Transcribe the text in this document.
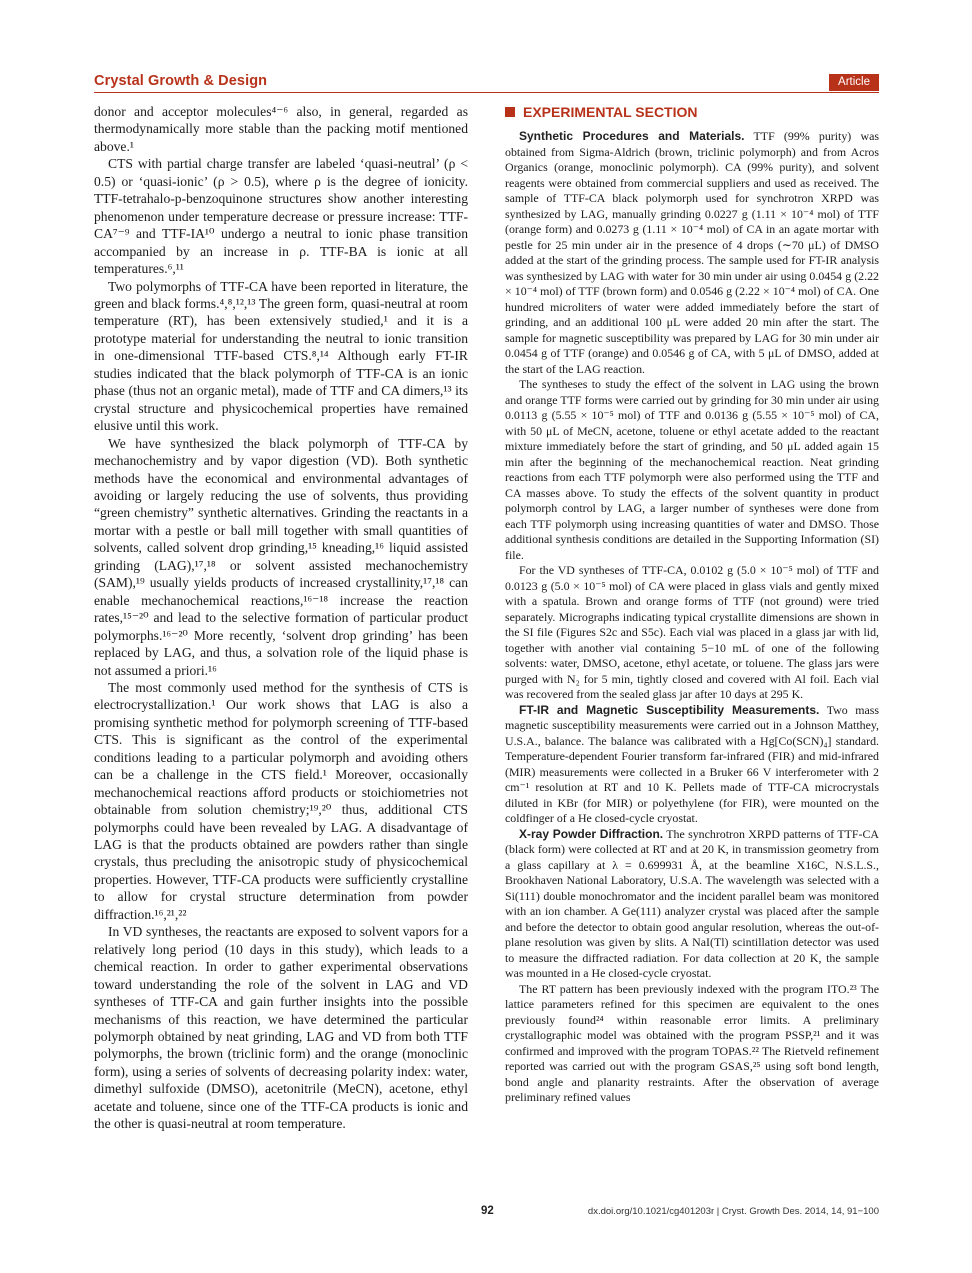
Crystal Growth & Design	Article

donor and acceptor molecules⁴⁻⁶ also, in general, regarded as thermodynamically more stable than the packing motif mentioned above.¹

CTS with partial charge transfer are labeled ‘quasi-neutral’ (ρ < 0.5) or ‘quasi-ionic’ (ρ > 0.5), where ρ is the degree of ionicity. TTF-tetrahalo-p-benzoquinone structures show another interesting phenomenon under temperature decrease or pressure increase: TTF-CA⁷⁻⁹ and TTF-IA¹⁰ undergo a neutral to ionic phase transition accompanied by an increase in ρ. TTF-BA is ionic at all temperatures.⁶,¹¹

Two polymorphs of TTF-CA have been reported in literature, the green and black forms.⁴,⁸,¹²,¹³ The green form, quasi-neutral at room temperature (RT), has been extensively studied,¹ and it is a prototype material for understanding the neutral to ionic transition in one-dimensional TTF-based CTS.⁸,¹⁴ Although early FT-IR studies indicated that the black polymorph of TTF-CA is an ionic phase (thus not an organic metal), made of TTF and CA dimers,¹³ its crystal structure and physicochemical properties have remained elusive until this work.

We have synthesized the black polymorph of TTF-CA by mechanochemistry and by vapor digestion (VD). Both synthetic methods have the economical and environmental advantages of avoiding or largely reducing the use of solvents, thus providing “green chemistry” synthetic alternatives. Grinding the reactants in a mortar with a pestle or ball mill together with small quantities of solvents, called solvent drop grinding,¹⁵ kneading,¹⁶ liquid assisted grinding (LAG),¹⁷,¹⁸ or solvent assisted mechanochemistry (SAM),¹⁹ usually yields products of increased crystallinity,¹⁷,¹⁸ can enable mechanochemical reactions,¹⁶⁻¹⁸ increase the reaction rates,¹⁵⁻²⁰ and lead to the selective formation of particular product polymorphs.¹⁶⁻²⁰ More recently, ‘solvent drop grinding’ has been replaced by LAG, and thus, a solvation role of the liquid phase is not assumed a priori.¹⁶

The most commonly used method for the synthesis of CTS is electrocrystallization.¹ Our work shows that LAG is also a promising synthetic method for polymorph screening of TTF-based CTS. This is significant as the control of the experimental conditions leading to a particular polymorph and avoiding others can be a challenge in the CTS field.¹ Moreover, occasionally mechanochemical reactions afford products or stoichiometries not obtainable from solution chemistry;¹⁹,²⁰ thus, additional CTS polymorphs could have been revealed by LAG. A disadvantage of LAG is that the products obtained are powders rather than single crystals, thus precluding the anisotropic study of physicochemical properties. However, TTF-CA products were sufficiently crystalline to allow for crystal structure determination from powder diffraction.¹⁶,²¹,²²

In VD syntheses, the reactants are exposed to solvent vapors for a relatively long period (10 days in this study), which leads to a chemical reaction. In order to gather experimental observations toward understanding the role of the solvent in LAG and VD syntheses of TTF-CA and gain further insights into the possible mechanisms of this reaction, we have determined the particular polymorph obtained by neat grinding, LAG and VD from both TTF polymorphs, the brown (triclinic form) and the orange (monoclinic form), using a series of solvents of decreasing polarity index: water, dimethyl sulfoxide (DMSO), acetonitrile (MeCN), acetone, ethyl acetate and toluene, since one of the TTF-CA products is ionic and the other is quasi-neutral at room temperature.

EXPERIMENTAL SECTION

Synthetic Procedures and Materials. TTF (99% purity) was obtained from Sigma-Aldrich (brown, triclinic polymorph) and from Acros Organics (orange, monoclinic polymorph). CA (99% purity), and solvent reagents were obtained from commercial suppliers and used as received. The sample of TTF-CA black polymorph used for synchrotron XRPD was synthesized by LAG, manually grinding 0.0227 g (1.11 × 10⁻⁴ mol) of TTF (orange form) and 0.0273 g (1.11 × 10⁻⁴ mol) of CA in an agate mortar with pestle for 25 min under air in the presence of 4 drops (∼70 μL) of DMSO added at the start of the grinding process. The sample used for FT-IR analysis was synthesized by LAG with water for 30 min under air using 0.0454 g (2.22 × 10⁻⁴ mol) of TTF (brown form) and 0.0546 g (2.22 × 10⁻⁴ mol) of CA. One hundred microliters of water were added immediately before the start of grinding, and an additional 100 μL were added 20 min after the start. The sample for magnetic susceptibility was prepared by LAG for 30 min under air 0.0454 g of TTF (orange) and 0.0546 g of CA, with 5 μL of DMSO, added at the start of the LAG reaction.

The syntheses to study the effect of the solvent in LAG using the brown and orange TTF forms were carried out by grinding for 30 min under air using 0.0113 g (5.55 × 10⁻⁵ mol) of TTF and 0.0136 g (5.55 × 10⁻⁵ mol) of CA, with 50 μL of MeCN, acetone, toluene or ethyl acetate added to the reactant mixture immediately before the start of grinding, and 50 μL added again 15 min after the beginning of the mechanochemical reaction. Neat grinding reactions from each TTF polymorph were also performed using the TTF and CA masses above. To study the effects of the solvent quantity in product polymorph control by LAG, a larger number of syntheses were done from each TTF polymorph using increasing quantities of water and DMSO. Those additional synthesis conditions are detailed in the Supporting Information (SI) file.

For the VD syntheses of TTF-CA, 0.0102 g (5.0 × 10⁻⁵ mol) of TTF and 0.0123 g (5.0 × 10⁻⁵ mol) of CA were placed in glass vials and gently mixed with a spatula. Brown and orange forms of TTF (not ground) were tried separately. Micrographs indicating typical crystallite dimensions are shown in the SI file (Figures S2c and S5c). Each vial was placed in a glass jar with lid, together with another vial containing 5−10 mL of one of the following solvents: water, DMSO, acetone, ethyl acetate, or toluene. The glass jars were purged with N₂ for 5 min, tightly closed and covered with Al foil. Each vial was recovered from the sealed glass jar after 10 days at 295 K.

FT-IR and Magnetic Susceptibility Measurements. Two mass magnetic susceptibility measurements were carried out in a Johnson Matthey, U.S.A., balance. The balance was calibrated with a Hg[Co(SCN)₄] standard. Temperature-dependent Fourier transform far-infrared (FIR) and mid-infrared (MIR) measurements were collected in a Bruker 66 V interferometer with 2 cm⁻¹ resolution at RT and 10 K. Pellets made of TTF-CA microcrystals diluted in KBr (for MIR) or polyethylene (for FIR), were mounted on the coldfinger of a He closed-cycle cryostat.

X-ray Powder Diffraction. The synchrotron XRPD patterns of TTF-CA (black form) were collected at RT and at 20 K, in transmission geometry from a glass capillary at λ = 0.699931 Å, at the beamline X16C, N.S.L.S., Brookhaven National Laboratory, U.S.A. The wavelength was selected with a Si(111) double monochromator and the incident parallel beam was monitored with an ion chamber. A Ge(111) analyzer crystal was placed after the sample and before the detector to obtain good angular resolution, whereas the out-of-plane resolution was given by slits. A NaI(Tl) scintillation detector was used to measure the diffracted radiation. For data collection at 20 K, the sample was mounted in a He closed-cycle cryostat.

The RT pattern has been previously indexed with the program ITO.²³ The lattice parameters refined for this specimen are equivalent to the ones previously found²⁴ within reasonable error limits. A preliminary crystallographic model was obtained with the program PSSP,²¹ and it was confirmed and improved with the program TOPAS.²² The Rietveld refinement reported was carried out with the program GSAS,²⁵ using soft bond length, bond angle and planarity restraints. After the observation of average preliminary refined values

92	dx.doi.org/10.1021/cg401203r | Cryst. Growth Des. 2014, 14, 91−100
